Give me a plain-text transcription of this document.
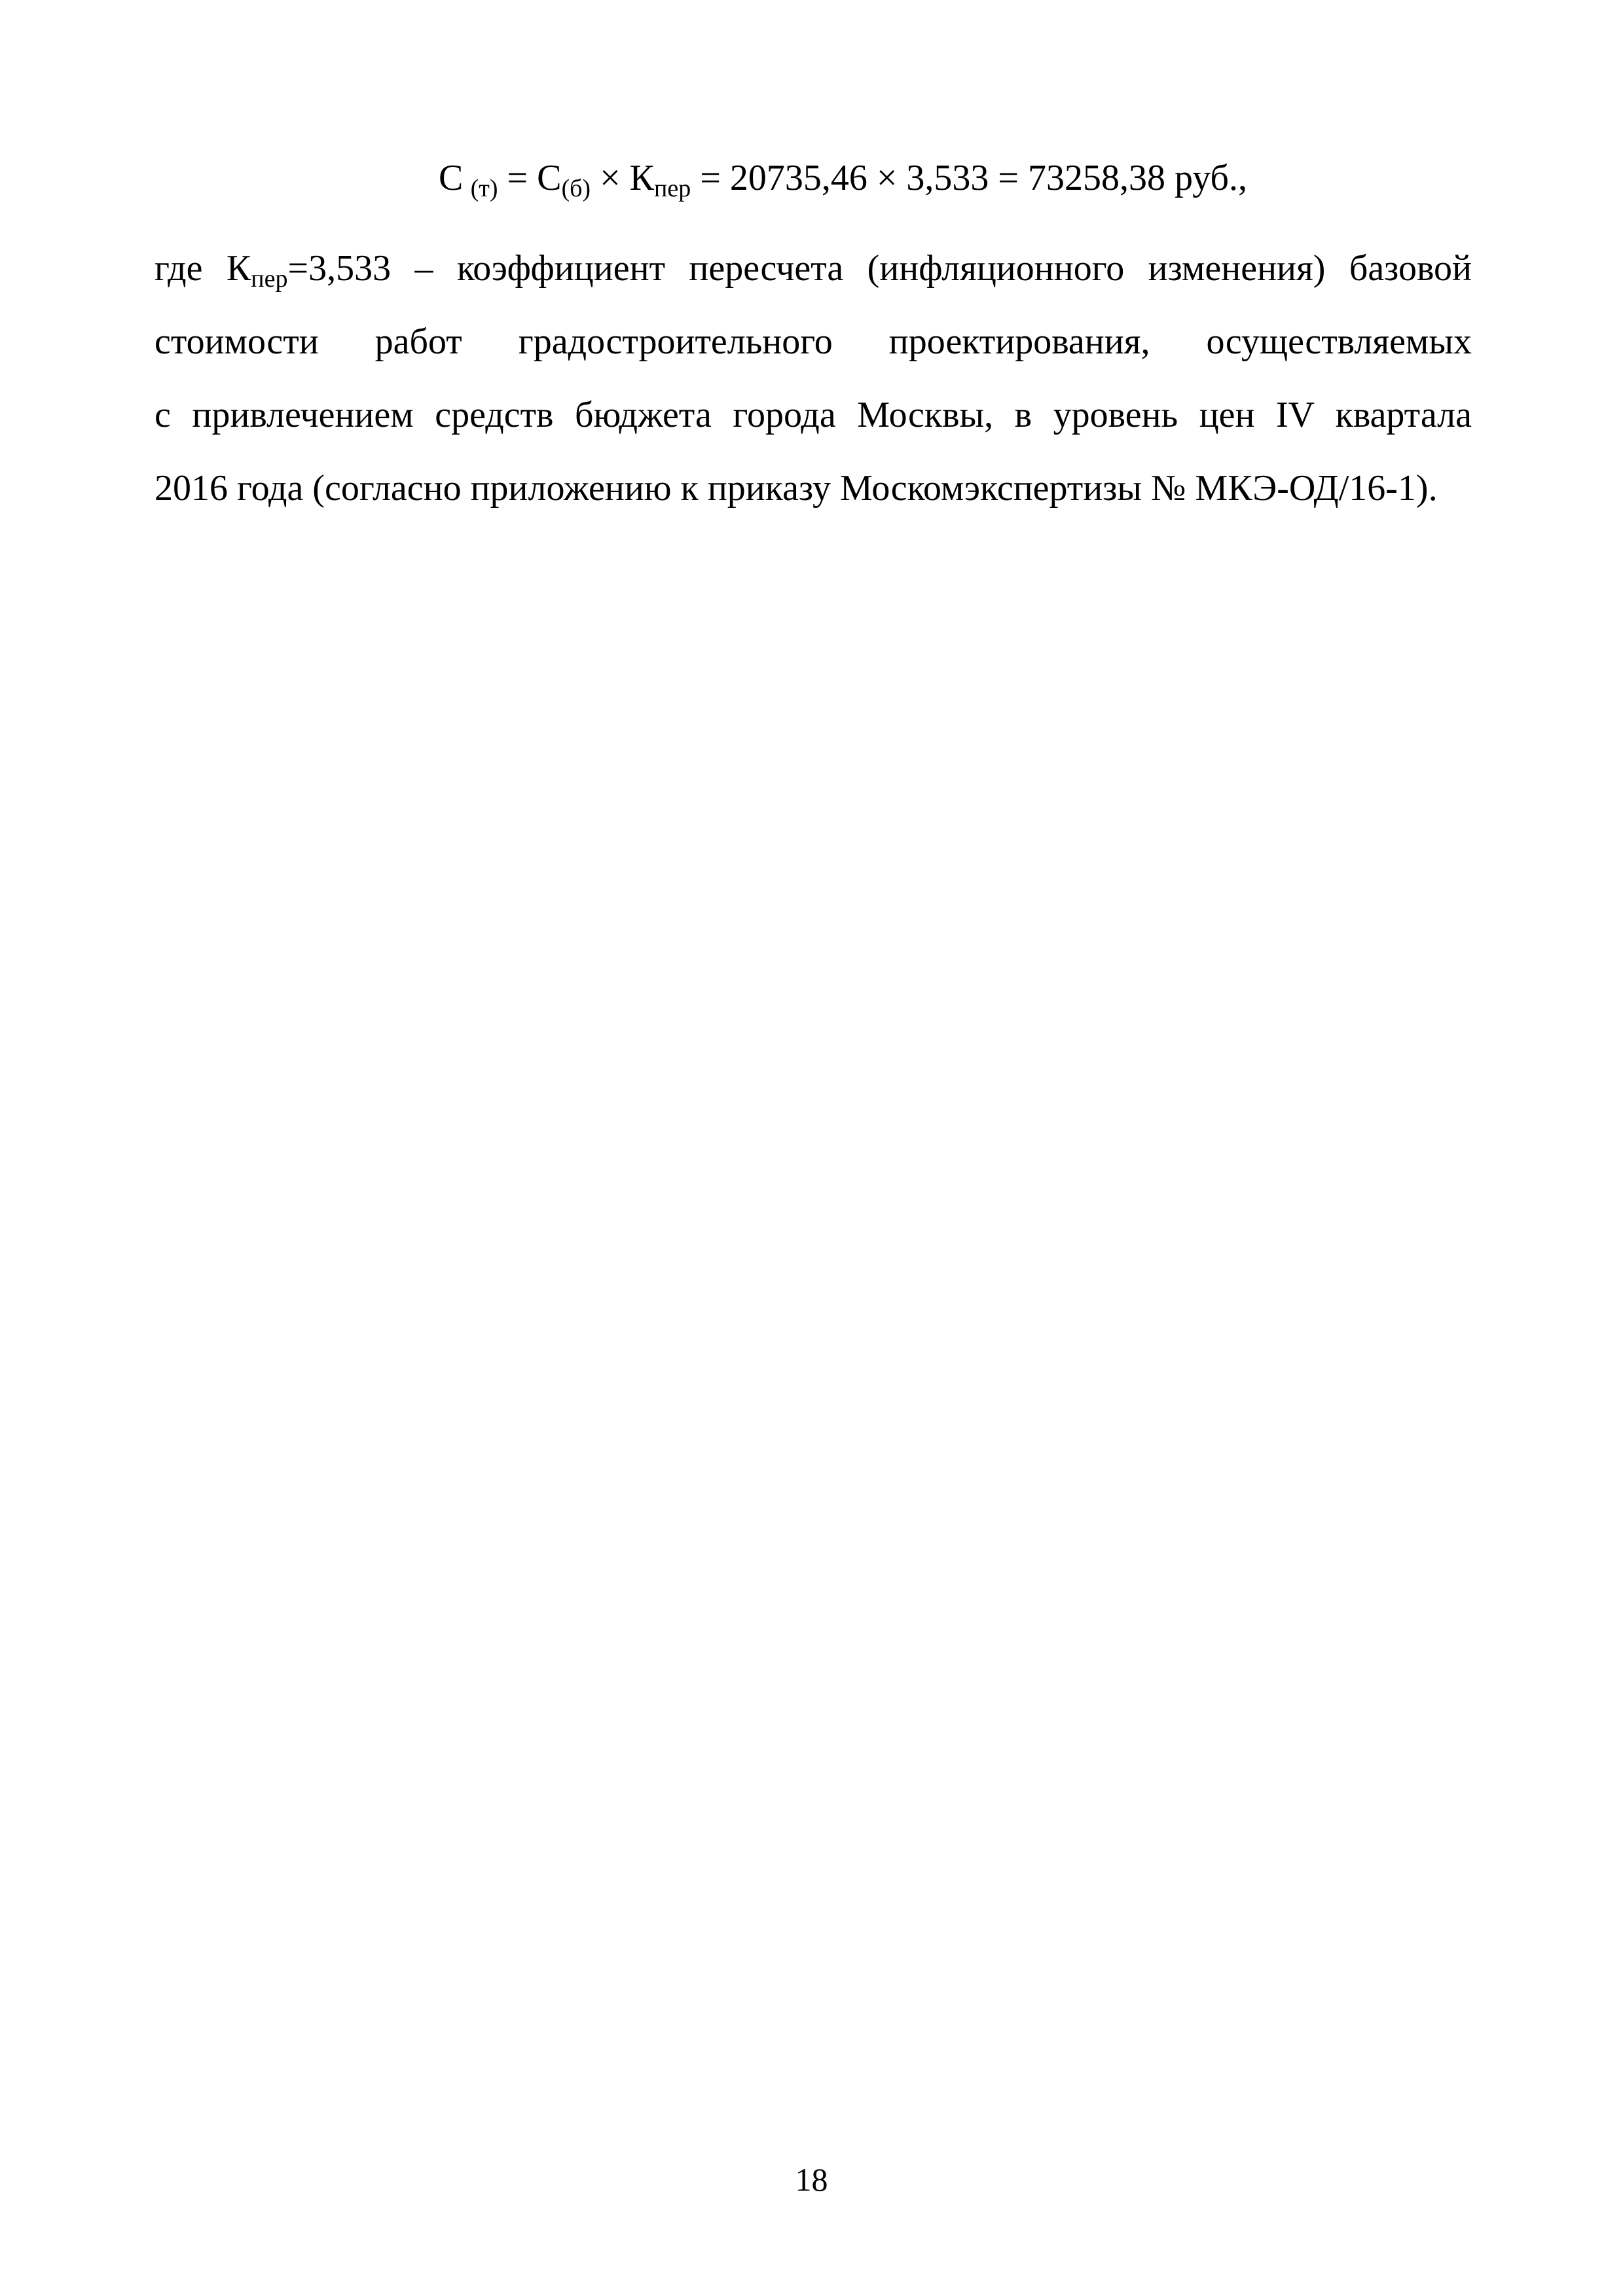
С  $_{(т)} = С_{(б)} \times К_{пер} = 20735,46 \times 3,533 = 73258,38$ руб.,
где $К_{пер}=3,533$ – коэффициент пересчета (инфляционного изменения) базовой
стоимости работ градостроительного проектирования, осуществляемых
с привлечением средств бюджета города Москвы, в уровень цен IV квартала
2016 года (согласно приложению к приказу Москомэкспертизы № МКЭ-ОД/16-1).
18
